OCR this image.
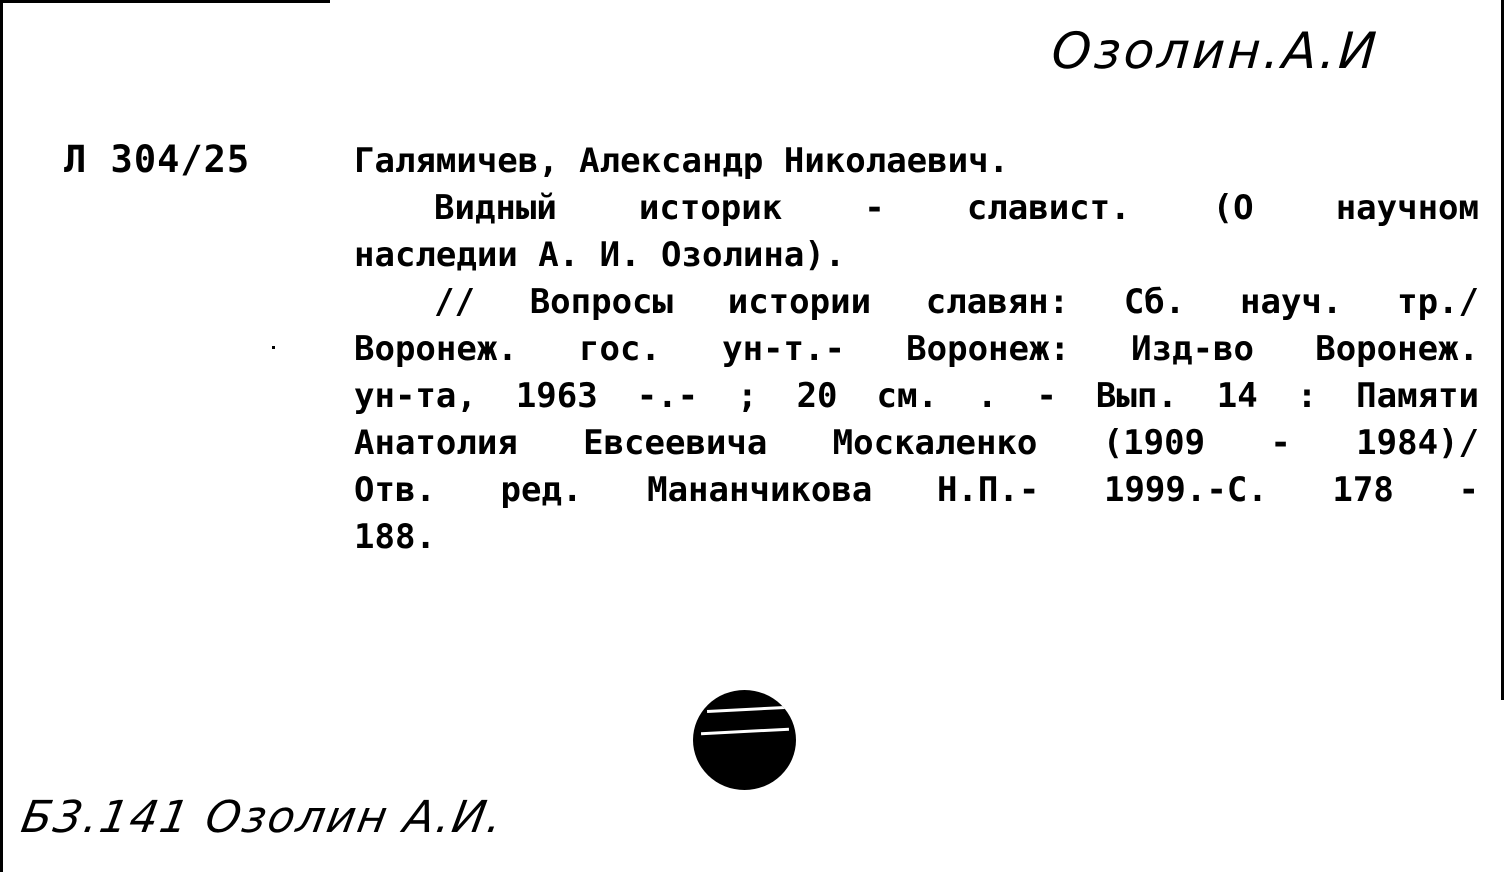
Озолин.А.И
Л 304/25	Галямичев, Александр Николаевич.
Видный историк - славист. (О научном
наследии А. И. Озолина).
// Вопросы истории славян: Сб. науч. тр./
Воронеж. гос. ун-т.- Воронеж: Изд-во Воронеж.
ун-та, 1963 -.- ; 20 см. . - Вып. 14 : Памяти
Анатолия Евсеевича Москаленко (1909 - 1984)/
Отв. ред. Мананчикова Н.П.- 1999.-С. 178 -
188.
Б3.141 Озолин А.И.
